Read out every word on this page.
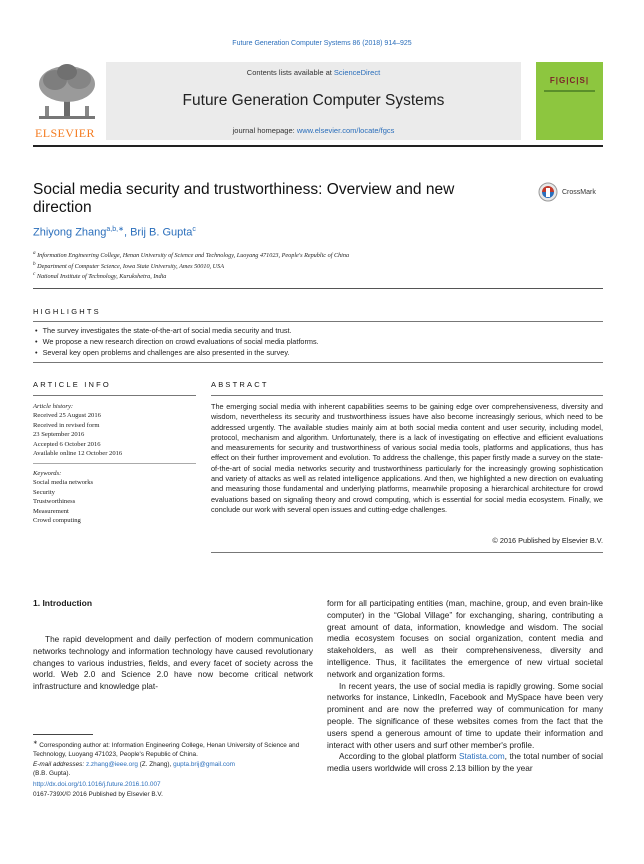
Future Generation Computer Systems 86 (2018) 914–925
ELSEVIER
Contents lists available at ScienceDirect
Future Generation Computer Systems
journal homepage: www.elsevier.com/locate/fgcs
F|G|C|S|
Social media security and trustworthiness: Overview and new direction
CrossMark
Zhiyong Zhang$^{a,b,∗}$, Brij B. Gupta$^c$
$^a$ Information Engineering College, Henan University of Science and Technology, Luoyang 471023, People's Republic of China
$^b$ Department of Computer Science, Iowa State University, Ames 50010, USA
$^c$ National Institute of Technology, Kurukshetra, India
HIGHLIGHTS
• The survey investigates the state-of-the-art of social media security and trust.
• We propose a new research direction on crowd evaluations of social media platforms.
• Several key open problems and challenges are also presented in the survey.
ARTICLE INFO	ABSTRACT
Article history:
Received 25 August 2016
Received in revised form
23 September 2016
Accepted 6 October 2016
Available online 12 October 2016
Keywords:
Social media networks
Security
Trustworthiness
Measurement
Crowd computing
The emerging social media with inherent capabilities seems to be gaining edge over comprehensiveness, diversity and wisdom, nevertheless its security and trustworthiness issues have also become increasingly serious, which need to be addressed urgently. The available studies mainly aim at both social media content and user security, including model, protocol, mechanism and algorithm. Unfortunately, there is a lack of investigating on effective and efficient evaluations and measurements for security and trustworthiness of various social media tools, platforms and applications, thus has effect on their further improvement and evolution. To address the challenge, this paper firstly made a survey on the state-of-the-art of social media networks security and trustworthiness particularly for the increasingly growing sophistication and variety of attacks as well as related intelligence applications. And then, we highlighted a new direction on evaluating and measuring those fundamental and underlying platforms, meanwhile proposing a hierarchical architecture for crowd evaluations based on signaling theory and crowd computing, which is essential for social media ecosystem. Finally, we conclude our work with several open issues and cutting-edge challenges.
© 2016 Published by Elsevier B.V.
1. Introduction
The rapid development and daily perfection of modern communication networks technology and information technology have caused revolutionary changes to various industries, fields, and every facet of society across the world. Web 2.0 and Science 2.0 have now become critical network infrastructure and knowledge plat-

form for all participating entities (man, machine, group, and even brain-like computer) in the “Global Village” for exchanging, sharing, contributing a great amount of data, information, knowledge and wisdom. The social media ecosystem focuses on social organization, content media and stakeholders, as well as their comprehensiveness, diversity and intelligence. Thus, it facilitates the emergence of new virtual societal network and organization forms.

In recent years, the use of social media is rapidly growing. Some social networks for instance, LinkedIn, Facebook and MySpace have been very prominent and are now the preferred way of communication for many people. The significance of these websites comes from the fact that the users spend a generous amount of time to update their information and interact with other users and surf other member's profile.

According to the global platform Statista.com, the total number of social media users worldwide will cross 2.13 billion by the year

∗ Corresponding author at: Information Engineering College, Henan University of Science and Technology, Luoyang 471023, People's Republic of China.
E-mail addresses: z.zhang@ieee.org (Z. Zhang), gupta.brij@gmail.com
(B.B. Gupta).
http://dx.doi.org/10.1016/j.future.2016.10.007
0167-739X/© 2016 Published by Elsevier B.V.
